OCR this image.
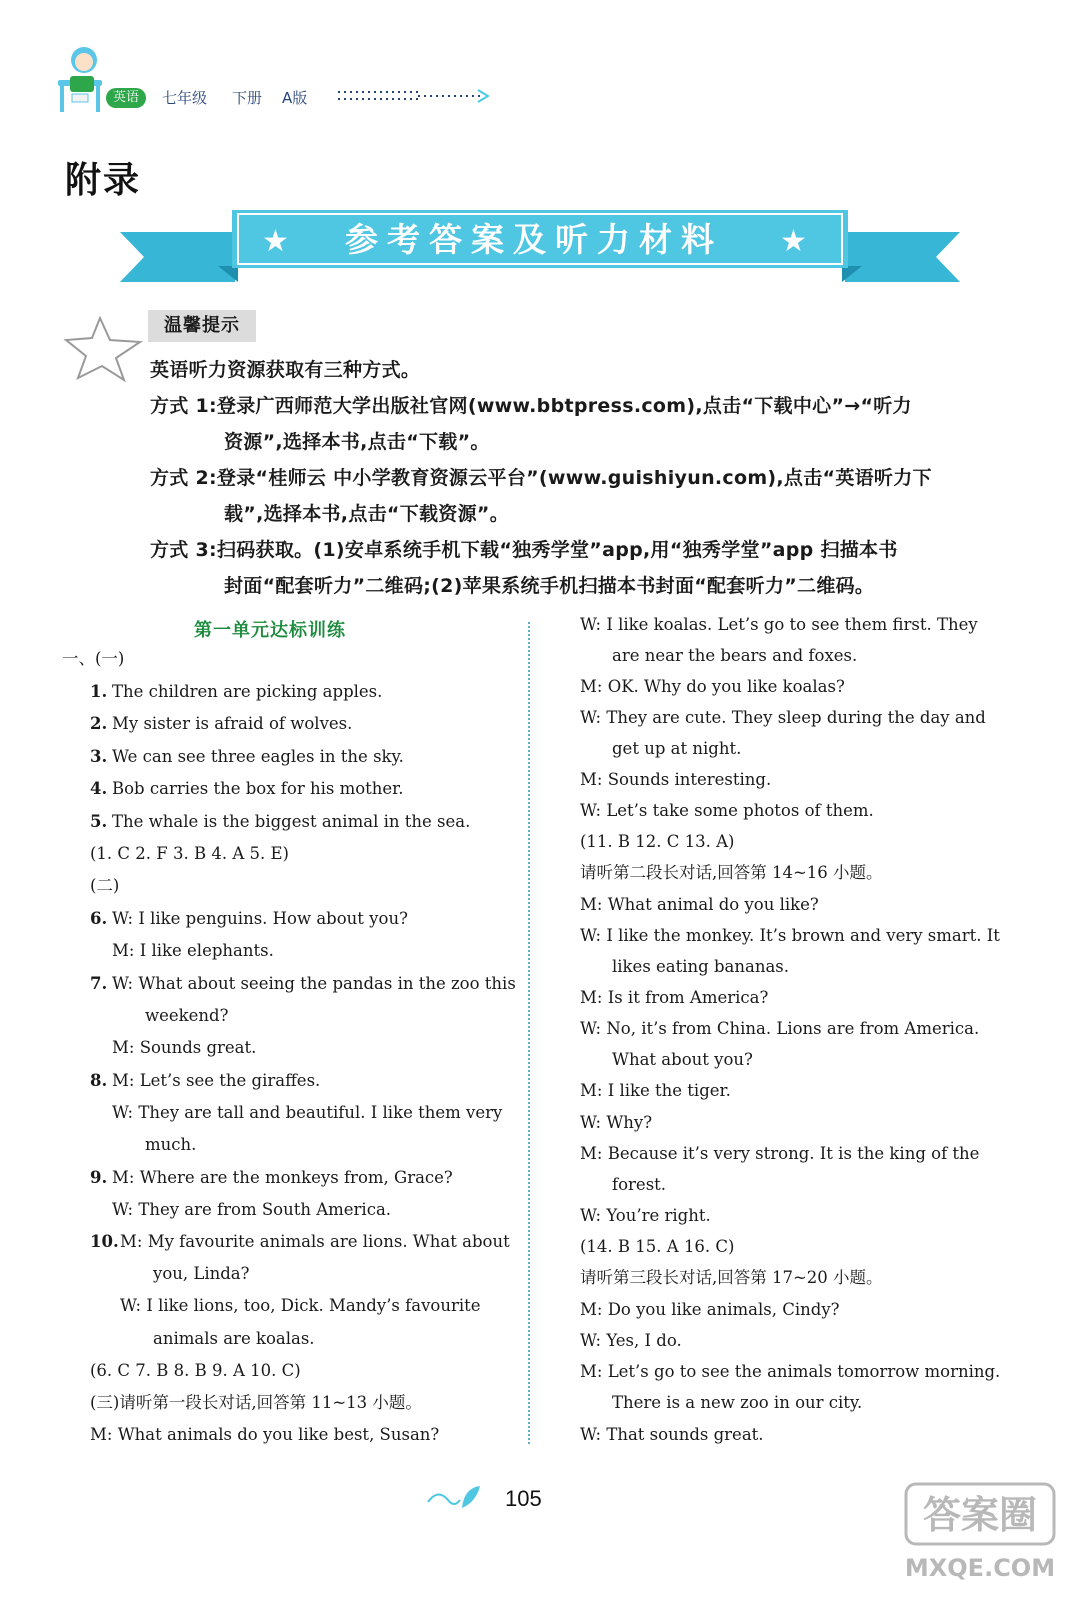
英语	七年级 下册 A版
附录
★	★
参考答案及听力材料
温馨提示
英语听力资源获取有三种方式。
方式 1:登录广西师范大学出版社官网(www.bbtpress.com),点击“下载中心”→“听力
资源”,选择本书,点击“下载”。
方式 2:登录“桂师云 中小学教育资源云平台”(www.guishiyun.com),点击“英语听力下
载”,选择本书,点击“下载资源”。
方式 3:扫码获取。(1)安卓系统手机下载“独秀学堂”app,用“独秀学堂”app 扫描本书
封面“配套听力”二维码;(2)苹果系统手机扫描本书封面“配套听力”二维码。
第一单元达标训练
一、(一)
1. The children are picking apples.
2. My sister is afraid of wolves.
3. We can see three eagles in the sky.
4. Bob carries the box for his mother.
5. The whale is the biggest animal in the sea.
(1. C 2. F 3. B 4. A 5. E)
(二)
6. W: I like penguins. How about you?
M: I like elephants.
7. W: What about seeing the pandas in the zoo this
weekend?
M: Sounds great.
8. M: Let’s see the giraffes.
W: They are tall and beautiful. I like them very
much.
9. M: Where are the monkeys from, Grace?
W: They are from South America.
10. M: My favourite animals are lions. What about
you, Linda?
W: I like lions, too, Dick. Mandy’s favourite
animals are koalas.
(6. C 7. B 8. B 9. A 10. C)
(三)请听第一段长对话,回答第 11~13 小题。
M: What animals do you like best, Susan?
W: I like koalas. Let’s go to see them first. They
are near the bears and foxes.
M: OK. Why do you like koalas?
W: They are cute. They sleep during the day and
get up at night.
M: Sounds interesting.
W: Let’s take some photos of them.
(11. B 12. C 13. A)
请听第二段长对话,回答第 14~16 小题。
M: What animal do you like?
W: I like the monkey. It’s brown and very smart. It
likes eating bananas.
M: Is it from America?
W: No, it’s from China. Lions are from America.
What about you?
M: I like the tiger.
W: Why?
M: Because it’s very strong. It is the king of the
forest.
W: You’re right.
(14. B 15. A 16. C)
请听第三段长对话,回答第 17~20 小题。
M: Do you like animals, Cindy?
W: Yes, I do.
M: Let’s go to see the animals tomorrow morning.
There is a new zoo in our city.
W: That sounds great.
105	答案圈
MXQE.COM
